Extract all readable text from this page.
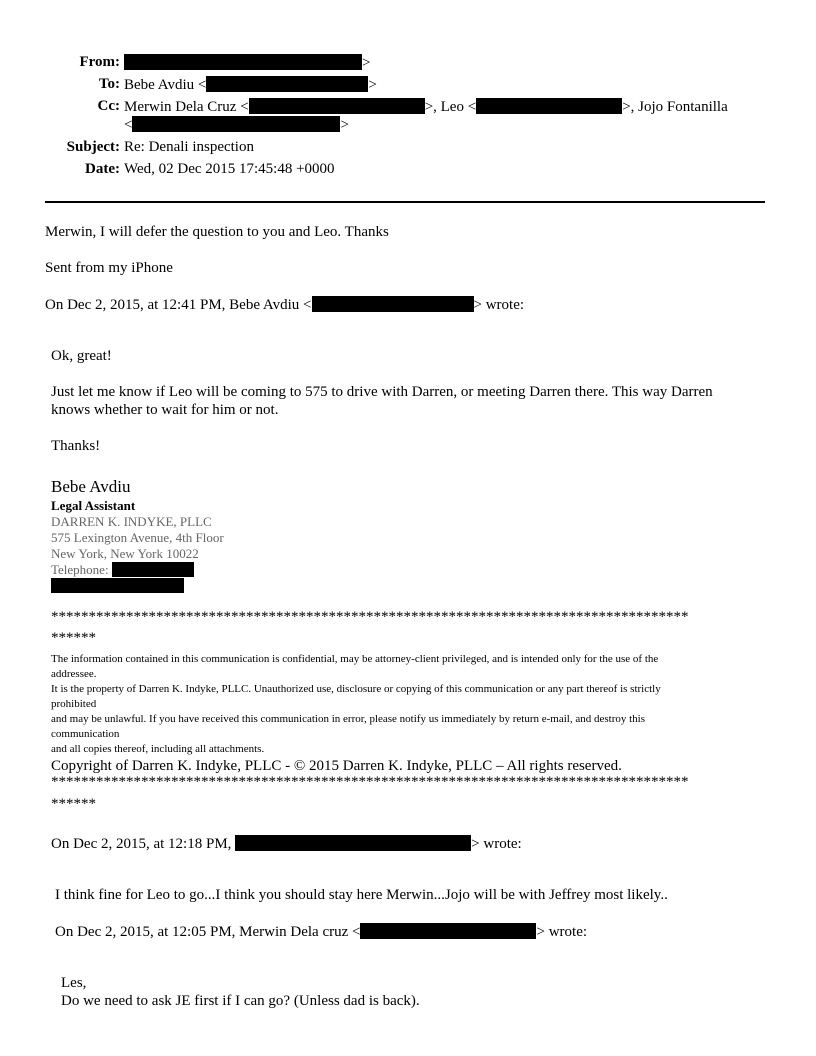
From:	>
To: Bebe Avdiu <	>
Cc: Merwin Dela Cruz <	>, Leo <	>, Jojo Fontanilla
<	>
Subject: Re: Denali inspection
Date: Wed, 02 Dec 2015 17:45:48 +0000
Merwin, I will defer the question to you and Leo. Thanks
Sent from my iPhone
On Dec 2, 2015, at 12:41 PM, Bebe Avdiu <	> wrote:
Ok, great!
Just let me know if Leo will be coming to 575 to drive with Darren, or meeting Darren there. This way Darren
knows whether to wait for him or not.
Thanks!
Bebe Avdiu
Legal Assistant
DARREN K. INDYKE, PLLC
575 Lexington Avenue, 4th Floor
New York, New York 10022
Telephone:
*************************************************************************************
******
The information contained in this communication is confidential, may be attorney-client privileged, and is intended only for the use of the
addressee.
It is the property of Darren K. Indyke, PLLC. Unauthorized use, disclosure or copying of this communication or any part thereof is strictly
prohibited
and may be unlawful. If you have received this communication in error, please notify us immediately by return e-mail, and destroy this
communication
and all copies thereof, including all attachments.
Copyright of Darren K. Indyke, PLLC - © 2015 Darren K. Indyke, PLLC – All rights reserved.
*************************************************************************************
******
On Dec 2, 2015, at 12:18 PM,	> wrote:
I think fine for Leo to go...I think you should stay here Merwin...Jojo will be with Jeffrey most likely..
On Dec 2, 2015, at 12:05 PM, Merwin Dela cruz <	> wrote:
Les,
Do we need to ask JE first if I can go? (Unless dad is back).
